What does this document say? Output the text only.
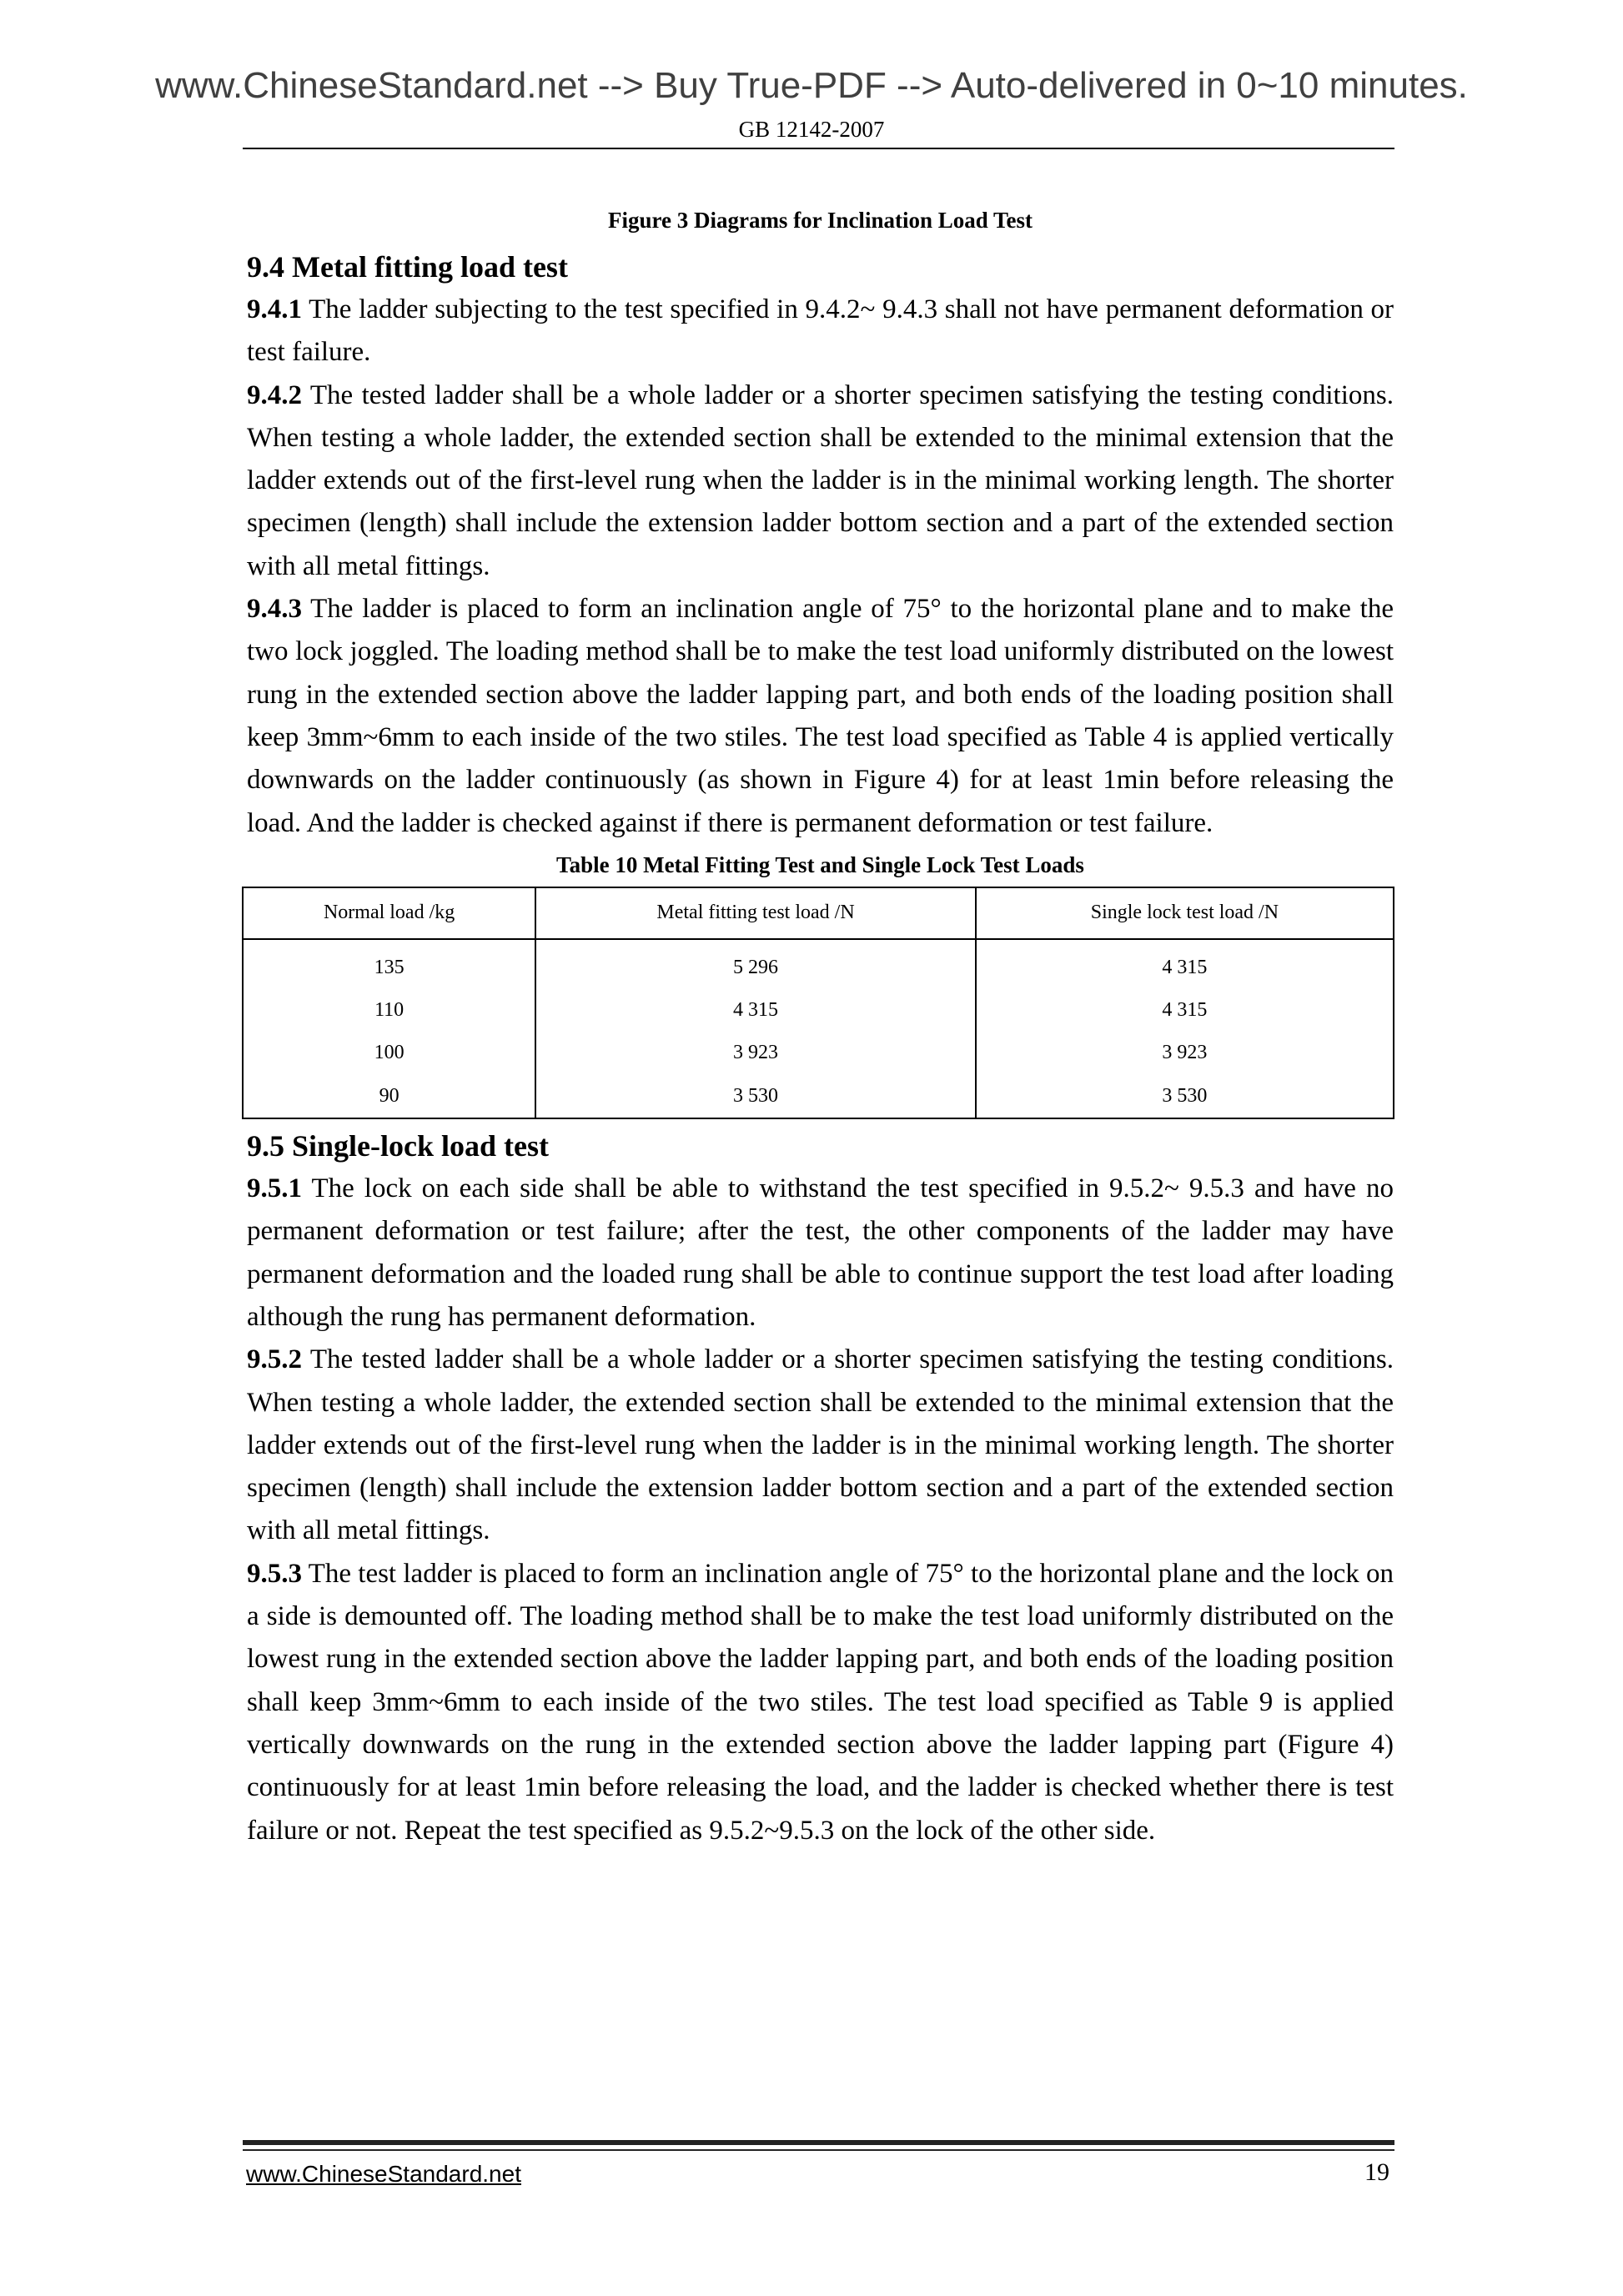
www.ChineseStandard.net --> Buy True-PDF --> Auto-delivered in 0~10 minutes.
GB 12142-2007
Figure 3 Diagrams for Inclination Load Test
9.4 Metal fitting load test

9.4.1 The ladder subjecting to the test specified in 9.4.2~ 9.4.3 shall not have permanent deformation or test failure.

9.4.2 The tested ladder shall be a whole ladder or a shorter specimen satisfying the testing conditions. When testing a whole ladder, the extended section shall be extended to the minimal extension that the ladder extends out of the first-level rung when the ladder is in the minimal working length. The shorter specimen (length) shall include the extension ladder bottom section and a part of the extended section with all metal fittings.

9.4.3 The ladder is placed to form an inclination angle of 75° to the horizontal plane and to make the two lock joggled. The loading method shall be to make the test load uniformly distributed on the lowest rung in the extended section above the ladder lapping part, and both ends of the loading position shall keep 3mm~6mm to each inside of the two stiles. The test load specified as Table 4 is applied vertically downwards on the ladder continuously (as shown in Figure 4) for at least 1min before releasing the load. And the ladder is checked against if there is permanent deformation or test failure.

Table 10 Metal Fitting Test and Single Lock Test Loads
Normal load /kg	Metal fitting test load /N	Single lock test load /N
135	5 296	4 315
110	4 315	4 315
100	3 923	3 923
90	3 530	3 530
9.5 Single-lock load test

9.5.1 The lock on each side shall be able to withstand the test specified in 9.5.2~ 9.5.3 and have no permanent deformation or test failure; after the test, the other components of the ladder may have permanent deformation and the loaded rung shall be able to continue support the test load after loading although the rung has permanent deformation.

9.5.2 The tested ladder shall be a whole ladder or a shorter specimen satisfying the testing conditions. When testing a whole ladder, the extended section shall be extended to the minimal extension that the ladder extends out of the first-level rung when the ladder is in the minimal working length. The shorter specimen (length) shall include the extension ladder bottom section and a part of the extended section with all metal fittings.

9.5.3 The test ladder is placed to form an inclination angle of 75° to the horizontal plane and the lock on a side is demounted off. The loading method shall be to make the test load uniformly distributed on the lowest rung in the extended section above the ladder lapping part, and both ends of the loading position shall keep 3mm~6mm to each inside of the two stiles. The test load specified as Table 9 is applied vertically downwards on the rung in the extended section above the ladder lapping part (Figure 4) continuously for at least 1min before releasing the load, and the ladder is checked whether there is test failure or not. Repeat the test specified as 9.5.2~9.5.3 on the lock of the other side.

www.ChineseStandard.net	19
